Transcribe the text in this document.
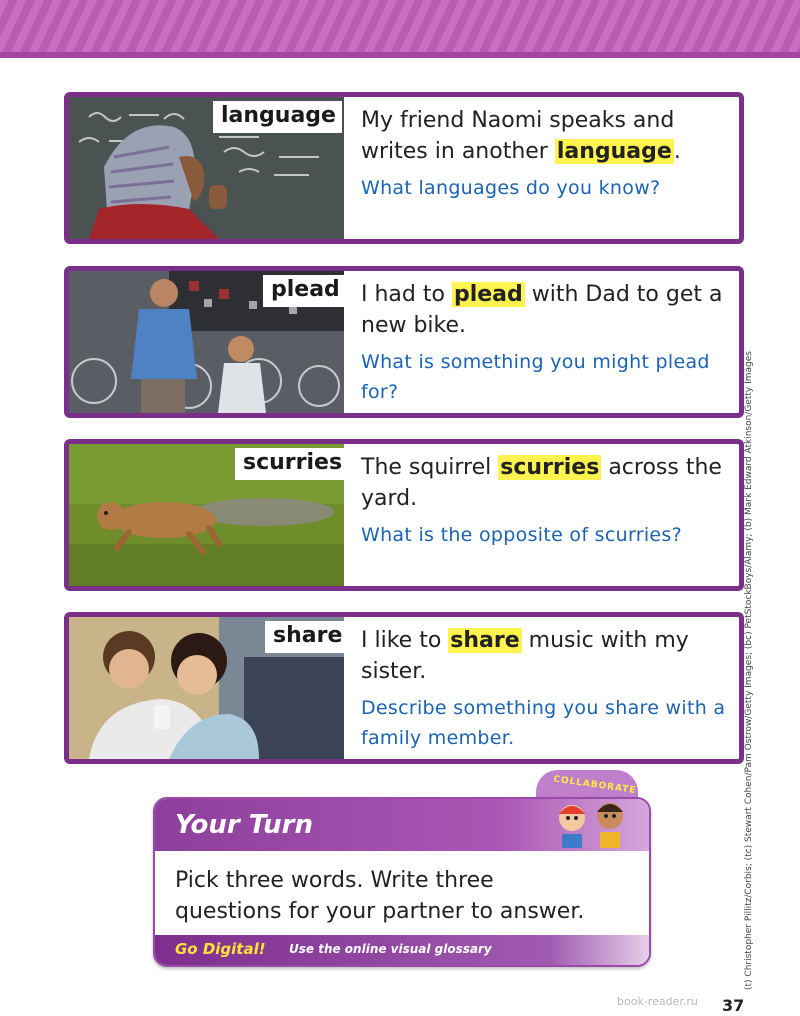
language My friend Naomi speaks and writes in another language.
What languages do you know?
plead I had to plead with Dad to get a new bike.
What is something you might plead for?
scurries The squirrel scurries across the yard.
What is the opposite of scurries?
share I like to share music with my sister.
Describe something you share with a family member.
Your Turn
Pick three words. Write three questions for your partner to answer.
Go Digital! Use the online visual glossary
COLLABORATE	(t) Christopher Pillitz/Corbis; (tc) Stewart Cohen/Pam Ostrow/Getty Images; (bc) PetStockBoys/Alamy; (b) Mark Edward Atkinson/Getty Images
book-reader.ru 37
